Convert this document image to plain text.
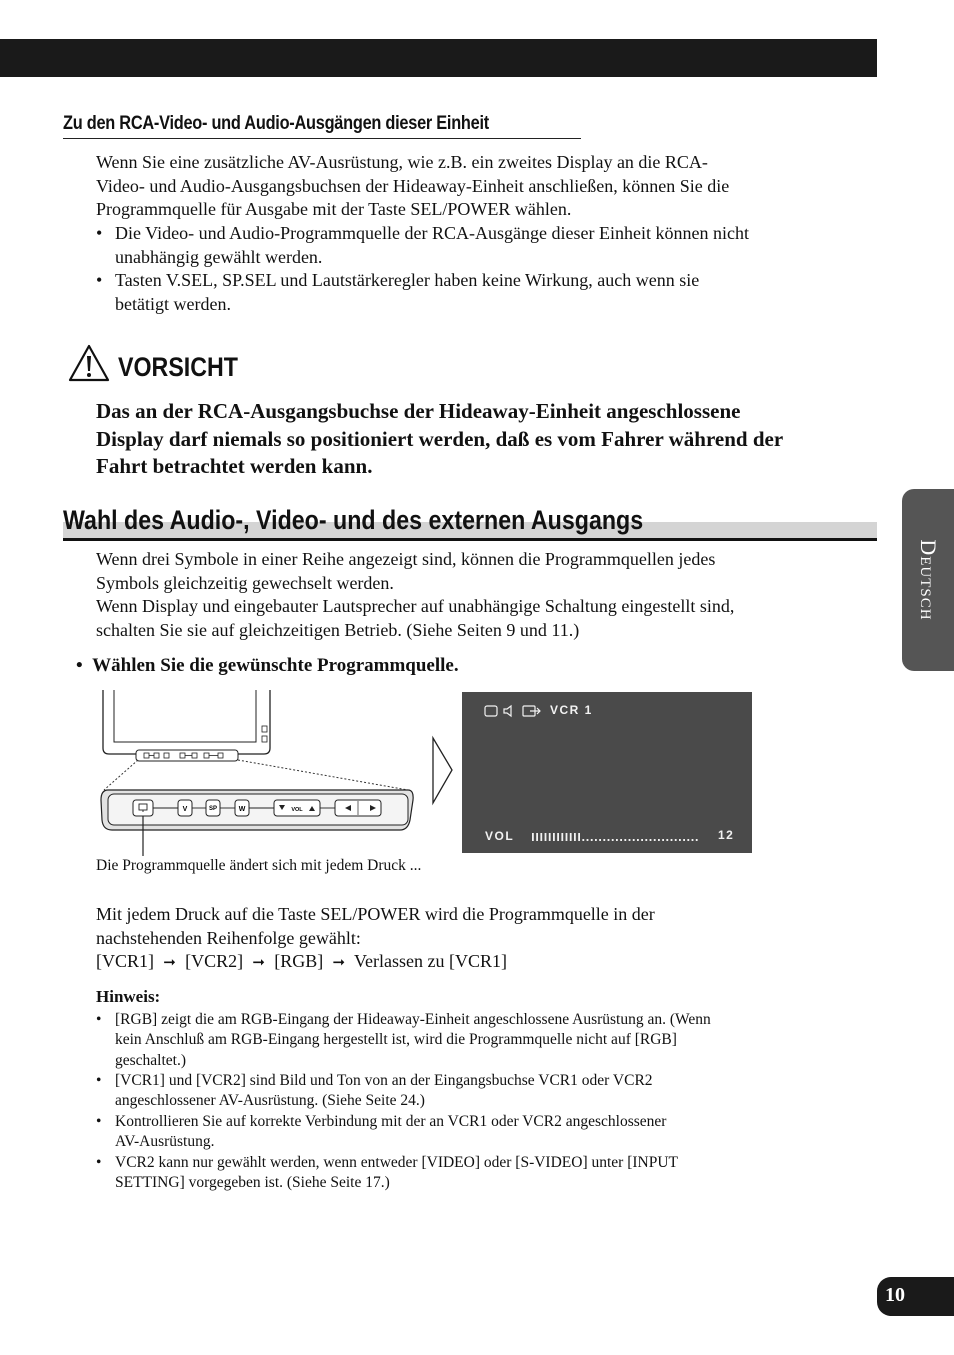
Zu den RCA-Video- und Audio-Ausgängen dieser Einheit
Wenn Sie eine zusätzliche AV-Ausrüstung, wie z.B. ein zweites Display an die RCA-
Video- und Audio-Ausgangsbuchsen der Hideaway-Einheit anschließen, können Sie die
Programmquelle für Ausgabe mit der Taste SEL/POWER wählen.
• Die Video- und Audio-Programmquelle der RCA-Ausgänge dieser Einheit können nicht
unabhängig gewählt werden.
• Tasten V.SEL, SP.SEL und Lautstärkeregler haben keine Wirkung, auch wenn sie
betätigt werden.
VORSICHT
Das an der RCA-Ausgangsbuchse der Hideaway-Einheit angeschlossene
Display darf niemals so positioniert werden, daß es vom Fahrer während der
Fahrt betrachtet werden kann.
Wahl des Audio-, Video- und des externen Ausgangs
Wenn drei Symbole in einer Reihe angezeigt sind, können die Programmquellen jedes
Symbols gleichzeitig gewechselt werden.
Wenn Display und eingebauter Lautsprecher auf unabhängige Schaltung eingestellt sind,
schalten Sie sie auf gleichzeitigen Betrieb. (Siehe Seiten 9 und 11.)
•  Wählen Sie die gewünschte Programmquelle.
V	SP	W	VOL
VCR 1
VOL	12
Die Programmquelle ändert sich mit jedem Druck ...
Mit jedem Druck auf die Taste SEL/POWER wird die Programmquelle in der
nachstehenden Reihenfolge gewählt:
[VCR1]  ➞  [VCR2]  ➞  [RGB]  ➞  Verlassen zu [VCR1]
Hinweis:
• [RGB] zeigt die am RGB-Eingang der Hideaway-Einheit angeschlossene Ausrüstung an. (Wenn
kein Anschluß am RGB-Eingang hergestellt ist, wird die Programmquelle nicht auf [RGB]
geschaltet.)
• [VCR1] und [VCR2] sind Bild und Ton von an der Eingangsbuchse VCR1 oder VCR2
angeschlossener AV-Ausrüstung. (Siehe Seite 24.)
• Kontrollieren Sie auf korrekte Verbindung mit der an VCR1 oder VCR2 angeschlossener
AV-Ausrüstung.
• VCR2 kann nur gewählt werden, wenn entweder [VIDEO] oder [S-VIDEO] unter [INPUT
SETTING] vorgegeben ist. (Siehe Seite 17.)
Deutsch
10
